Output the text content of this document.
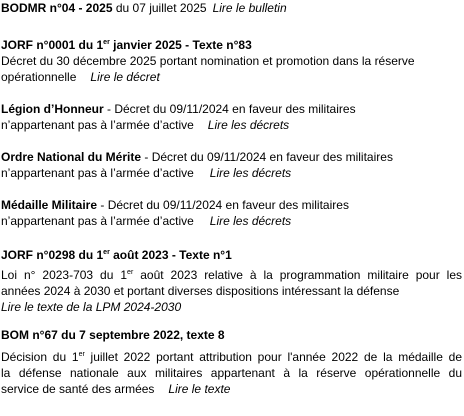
BODMR n°04 - 2025 du 07 juillet 2025 Lire le bulletin
JORF n°0001 du 1er janvier 2025 - Texte n°83
Décret du 30 décembre 2025 portant nomination et promotion dans la réserve
opérationnelle Lire le décret
Légion d’Honneur - Décret du 09/11/2024 en faveur des militaires
n’appartenant pas à l’armée d’active Lire les décrets
Ordre National du Mérite - Décret du 09/11/2024 en faveur des militaires
n’appartenant pas à l’armée d’active Lire les décrets
Médaille Militaire - Décret du 09/11/2024 en faveur des militaires
n’appartenant pas à l’armée d’active Lire les décrets
JORF n°0298 du 1er août 2023 - Texte n°1
Loi n° 2023-703 du 1er août 2023 relative à la programmation militaire pour les
années 2024 à 2030 et portant diverses dispositions intéressant la défense
Lire le texte de la LPM 2024-2030
BOM n°67 du 7 septembre 2022, texte 8
Décision du 1er juillet 2022 portant attribution pour l'année 2022 de la médaille de
la défense nationale aux militaires appartenant à la réserve opérationnelle du
service de santé des armées Lire le texte
